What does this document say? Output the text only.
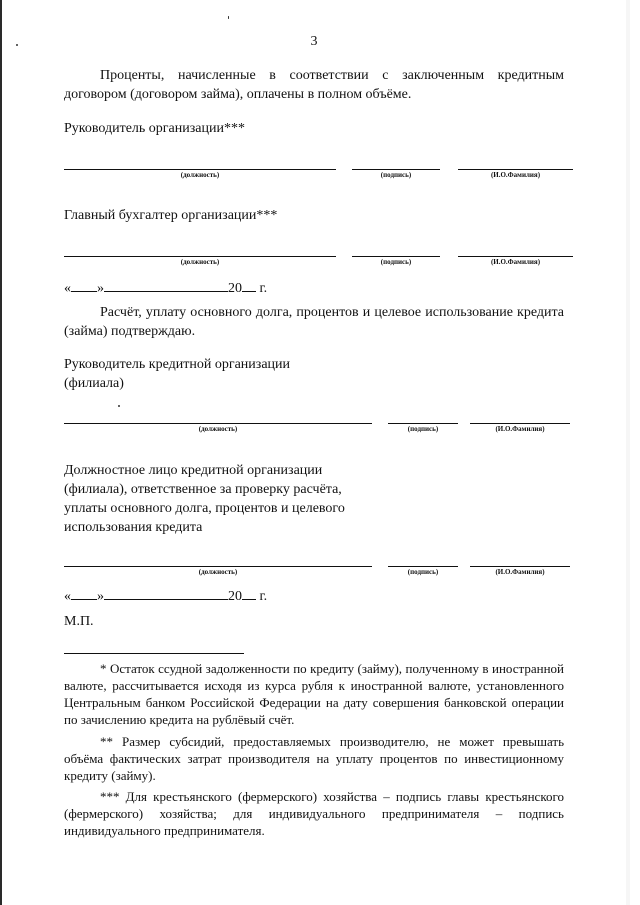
3

Проценты, начисленные в соответствии с заключенным кредитным договором (договором займа), оплачены в полном объёме.

Руководитель организации***

(должность)	(подпись)	(И.О.Фамилия)

Главный бухгалтер организации***

(должность)	(подпись)	(И.О.Фамилия)
« »	20 г.

Расчёт, уплату основного долга, процентов и целевое использование кредита (займа) подтверждаю.

Руководитель кредитной организации

(филиала)

(должность)	(подпись)	(И.О.Фамилия)

Должностное лицо кредитной организации

(филиала), ответственное за проверку расчёта,

уплаты основного долга, процентов и целевого

использования кредита

(должность)	(подпись)	(И.О.Фамилия)
« »	20 г.

М.П.

* Остаток ссудной задолженности по кредиту (займу), полученному в иностранной валюте, рассчитывается исходя из курса рубля к иностранной валюте, установленного Центральным банком Российской Федерации на дату совершения банковской операции по зачислению кредита на рублёвый счёт.

** Размер субсидий, предоставляемых производителю, не может превышать объёма фактических затрат производителя на уплату процентов по инвестиционному кредиту (займу).

*** Для крестьянского (фермерского) хозяйства – подпись главы крестьянского (фермерского) хозяйства; для индивидуального предпринимателя – подпись индивидуального предпринимателя.
